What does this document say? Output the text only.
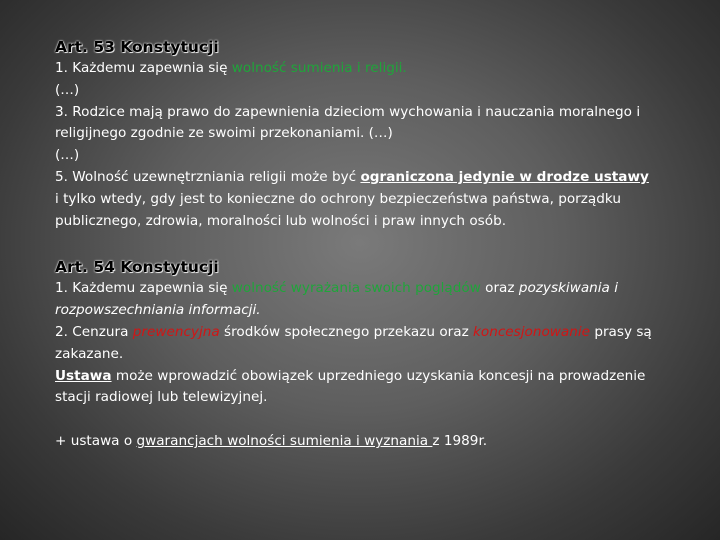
Art. 53 Konstytucji

1. Każdemu zapewnia się wolność sumienia i religii.

(…)

3. Rodzice mają prawo do zapewnienia dzieciom wychowania i nauczania moralnego i religijnego zgodnie ze swoimi przekonaniami. (…)

(…)

5. Wolność uzewnętrzniania religii może być ograniczona jedynie w drodze ustawy i tylko wtedy, gdy jest to konieczne do ochrony bezpieczeństwa państwa, porządku publicznego, zdrowia, moralności lub wolności i praw innych osób.

Art. 54 Konstytucji

1. Każdemu zapewnia się wolność wyrażania swoich poglądów oraz pozyskiwania i rozpowszechniania informacji.

2. Cenzura prewencyjna środków społecznego przekazu oraz koncesjonowanie prasy są zakazane.

Ustawa może wprowadzić obowiązek uprzedniego uzyskania koncesji na prowadzenie stacji radiowej lub telewizyjnej.

+ ustawa o gwarancjach wolności sumienia i wyznania z 1989r.
